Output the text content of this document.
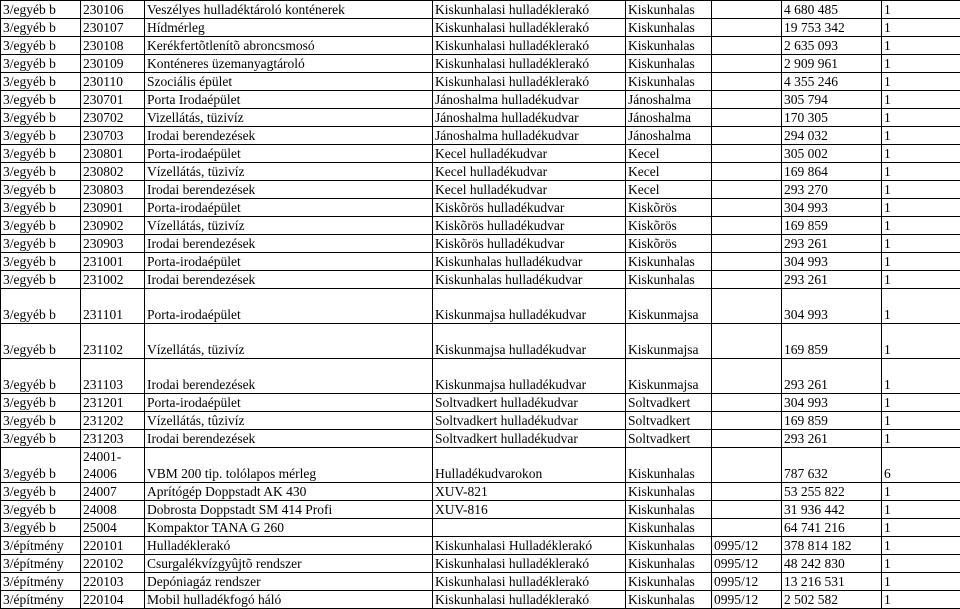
3/egyéb b	230106	Veszélyes hulladéktároló konténerek	Kiskunhalasi hulladéklerakó	Kiskunhalas		4 680 485	1
3/egyéb b	230107	Hídmérleg	Kiskunhalasi hulladéklerakó	Kiskunhalas		19 753 342	1
3/egyéb b	230108	Kerékfertõtlenítõ abroncsmosó	Kiskunhalasi hulladéklerakó	Kiskunhalas		2 635 093	1
3/egyéb b	230109	Konténeres üzemanyagtároló	Kiskunhalasi hulladéklerakó	Kiskunhalas		2 909 961	1
3/egyéb b	230110	Szociális épület	Kiskunhalasi hulladéklerakó	Kiskunhalas		4 355 246	1
3/egyéb b	230701	Porta Irodaépület	Jánoshalma hulladékudvar	Jánoshalma		305 794	1
3/egyéb b	230702	Vizellátás, tüzivíz	Jánoshalma hulladékudvar	Jánoshalma		170 305	1
3/egyéb b	230703	Irodai berendezések	Jánoshalma hulladékudvar	Jánoshalma		294 032	1
3/egyéb b	230801	Porta-irodaépület	Kecel hulladékudvar	Kecel		305 002	1
3/egyéb b	230802	Vízellátás, tüzivíz	Kecel hulladékudvar	Kecel		169 864	1
3/egyéb b	230803	Irodai berendezések	Kecel hulladékudvar	Kecel		293 270	1
3/egyéb b	230901	Porta-irodaépület	Kiskõrös hulladékudvar	Kiskõrös		304 993	1
3/egyéb b	230902	Vízellátás, tüzivíz	Kiskõrös hulladékudvar	Kiskõrös		169 859	1
3/egyéb b	230903	Irodai berendezések	Kiskõrös hulladékudvar	Kiskõrös		293 261	1
3/egyéb b	231001	Porta-irodaépület	Kiskunhalas hulladékudvar	Kiskunhalas		304 993	1
3/egyéb b	231002	Irodai berendezések	Kiskunhalas hulladékudvar	Kiskunhalas		293 261	1
3/egyéb b	231101	Porta-irodaépület	Kiskunmajsa hulladékudvar	Kiskunmajsa		304 993	1
3/egyéb b	231102	Vízellátás, tüzivíz	Kiskunmajsa hulladékudvar	Kiskunmajsa		169 859	1
3/egyéb b	231103	Irodai berendezések	Kiskunmajsa hulladékudvar	Kiskunmajsa		293 261	1
3/egyéb b	231201	Porta-irodaépület	Soltvadkert hulladékudvar	Soltvadkert		304 993	1
3/egyéb b	231202	Vízellátás, tûzivíz	Soltvadkert hulladékudvar	Soltvadkert		169 859	1
3/egyéb b	231203	Irodai berendezések	Soltvadkert hulladékudvar	Soltvadkert		293 261	1
3/egyéb b	24001-24006	VBM 200 tip. tolólapos mérleg	Hulladékudvarokon	Kiskunhalas		787 632	6
3/egyéb b	24007	Aprítógép Doppstadt AK 430	XUV-821	Kiskunhalas		53 255 822	1
3/egyéb b	24008	Dobrosta Doppstadt SM 414 Profi	XUV-816	Kiskunhalas		31 936 442	1
3/egyéb b	25004	Kompaktor TANA G 260		Kiskunhalas		64 741 216	1
3/építmény	220101	Hulladéklerakó	Kiskunhalasi Hulladéklerakó	Kiskunhalas	0995/12	378 814 182	1
3/építmény	220102	Csurgalékvízgyûjtõ rendszer	Kiskunhalasi hulladéklerakó	Kiskunhalas	0995/12	48 242 830	1
3/építmény	220103	Depóniagáz rendszer	Kiskunhalasi hulladéklerakó	Kiskunhalas	0995/12	13 216 531	1
3/építmény	220104	Mobil hulladékfogó háló	Kiskunhalasi hulladéklerakó	Kiskunhalas	0995/12	2 502 582	1
